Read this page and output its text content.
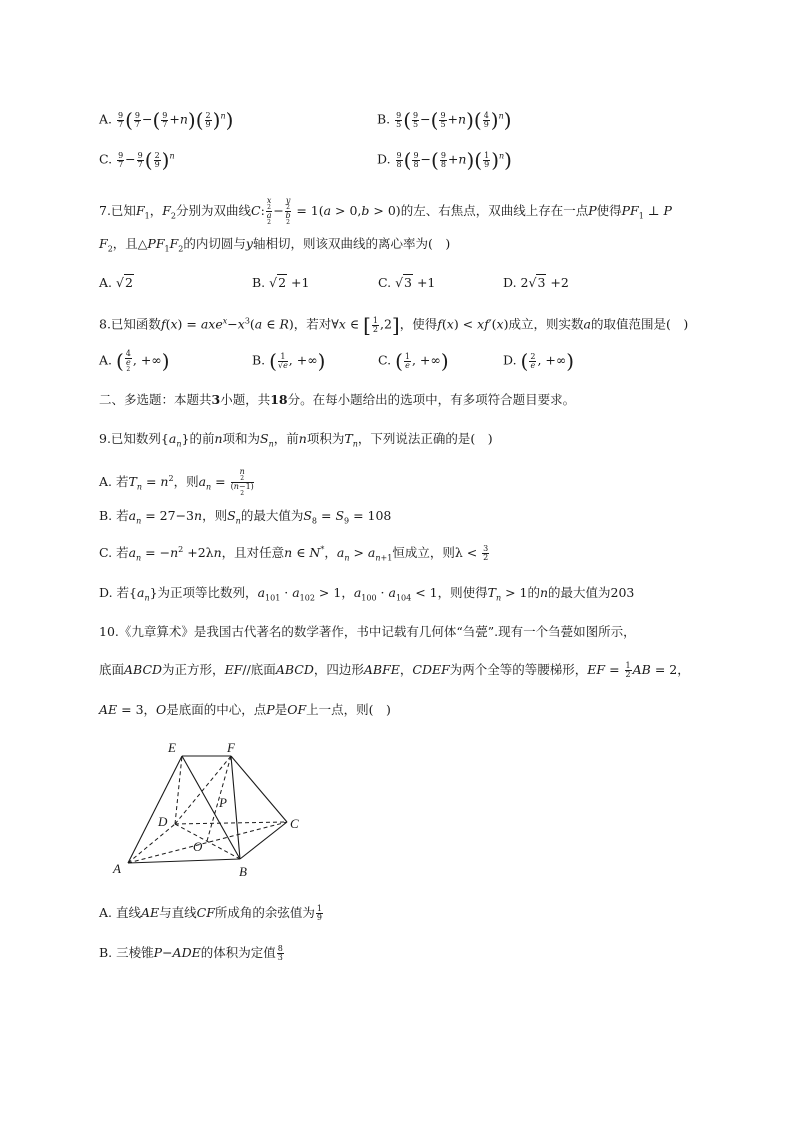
A. $\frac{9}{7}$ ( $\frac{9}{7}$ −( $\frac{9}{7} +n)( \frac{2}{9} )^n$)	B. $\frac{9}{5}$ ( $\frac{9}{5}$ −( $\frac{9}{5} +n)( \frac{4}{9} )^n$)
C. $\frac{9}{7} - \frac{9}{7}$ ( $\frac{2}{9} )^n$	D. $\frac{9}{8}$ ( $\frac{9}{8}$ −( $\frac{9}{8} +n)( \frac{1}{9} )^n$)
7.已知$F_1$，$F_2$分别为双曲线C: x
2
a
2 − y
2
b
2 = 1(a > 0,b > 0)的左、右焦点，双曲线上存在一点P使得$PF_1$ ⊥ P
$F_2$，且$\triangle PF_1F_2$的内切圆与y轴相切，则该双曲线的离心率为(　)
A. √2	B. √2 +1	C. √3 +1	D. 2√3 +2
8.已知函数$f(x) = axe^x-x^3(a$ ∈ R)，若对∀x ∈ [ $\frac{1}{2} ,2$]，使得f(x) < xf′(x)成立，则实数a的取值范围是(　)
A. ( 4
e
2 , +∞)	B. ( $\frac{1}{√e}$ , +∞)	C. ( $\frac{1}{e}$ , +∞)	D. ( $\frac{2}{e}$ , +∞)
二、多选题：本题共3小题，共18分。在每小题给出的选项中，有多项符合题目要求。
9.已知数列$\{a_n\}$的前n项和为$S_n$，前n项积为$T_n$，下列说法正确的是(　)
A. 若$T_n = n^2$，则$a_n = n$
2
(n−1)
2
B. 若$a_n = 27-3n$，则$S_n$的最大值为$S_8 = S_9 = 108$
C. 若$a_n = -n^2 +2\lambda n$，且对任意n ∈ N*，$a_n > a_{n+1}$恒成立，则$\lambda < \frac{3}{2}$
D. 若$\{a_n\}$为正项等比数列，$a_{101} \cdot a_{102} > 1$，$a_{100} \cdot a_{104} < 1$，则使得$T_n > 1$的n的最大值为203
10.《九章算术》是我国古代著名的数学著作，书中记载有几何体“刍甍”.现有一个刍甍如图所示，
底面ABCD为正方形，EF//底面ABCD，四边形ABFE，CDEF为两个全等的等腰梯形，EF = $\frac{1}{2}$ AB = 2，
AE = 3，O是底面的中心，点P是OF上一点，则(　)
E	F
P
D	C
O
A	B
A. 直线AE与直线CF所成角的余弦值为 $\frac{1}{9}$
B. 三棱锥P−ADE的体积为定值 $\frac{8}{3}$
